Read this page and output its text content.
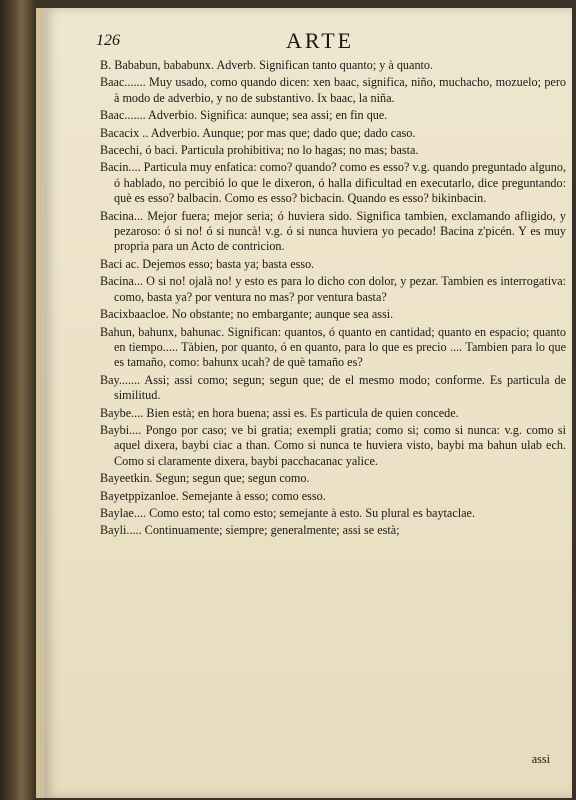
126	ARTE

B. Bababun, bababunx. Adverb. Significan tanto quanto; y à quanto.

Baac....... Muy usado, como quando dicen: xen baac, significa, niño, muchacho, mozuelo; pero à modo de adverbio, y no de substantivo. Ix baac, la niña.

Baac....... Adverbio. Significa: aunque; sea assi; en fin que.

Bacacix .. Adverbio. Aunque; por mas que; dado que; dado caso.

Bacechi, ó baci. Particula prohibitiva; no lo hagas; no mas; basta.

Bacin.... Particula muy enfatica: como? quando? como es esso? v.g. quando preguntado alguno, ó hablado, no percibió lo que le dixeron, ó halla dificultad en executarlo, dice preguntando: què es esso? balbacin. Como es esso? bicbacin. Quando es esso? bikinbacin.

Bacina... Mejor fuera; mejor seria; ó huviera sido. Significa tambien, exclamando afligido, y pezaroso: ó si no! ó si nuncà! v.g. ó si nunca huviera yo pecado! Bacina z'picén. Y es muy propria para un Acto de contricion.

Baci ac. Dejemos esso; basta ya; basta esso.

Bacina... O si no! ojalà no! y esto es para lo dicho con dolor, y pezar. Tambien es interrogativa: como, basta ya? por ventura no mas? por ventura basta?

Bacixbaacloe. No obstante; no embargante; aunque sea assi.

Bahun, bahunx, bahunac. Significan: quantos, ó quanto en cantidad; quanto en espacio; quanto en tiempo..... Tàbien, por quanto, ó en quanto, para lo que es precio .... Tambien para lo que es tamaño, como: bahunx ucah? de què tamaño es?

Bay....... Assi; assi como; segun; segun que; de el mesmo modo; conforme. Es particula de similitud.

Baybe.... Bien està; en hora buena; assi es. Es particula de quien concede.

Baybi.... Pongo por caso; ve bi gratia; exempli gratia; como si; como si nunca: v.g. como si aquel dixera, baybi ciac a than. Como si nunca te huviera visto, baybi ma bahun ulab ech. Como si claramente dixera, baybi pacchacanac yalice.

Bayeetkin. Segun; segun que; segun como.

Bayetppizanloe. Semejante à esso; como esso.

Baylae.... Como esto; tal como esto; semejante à esto. Su plural es baytaclae.

Bayli..... Continuamente; siempre; generalmente; assi se està;

assi
